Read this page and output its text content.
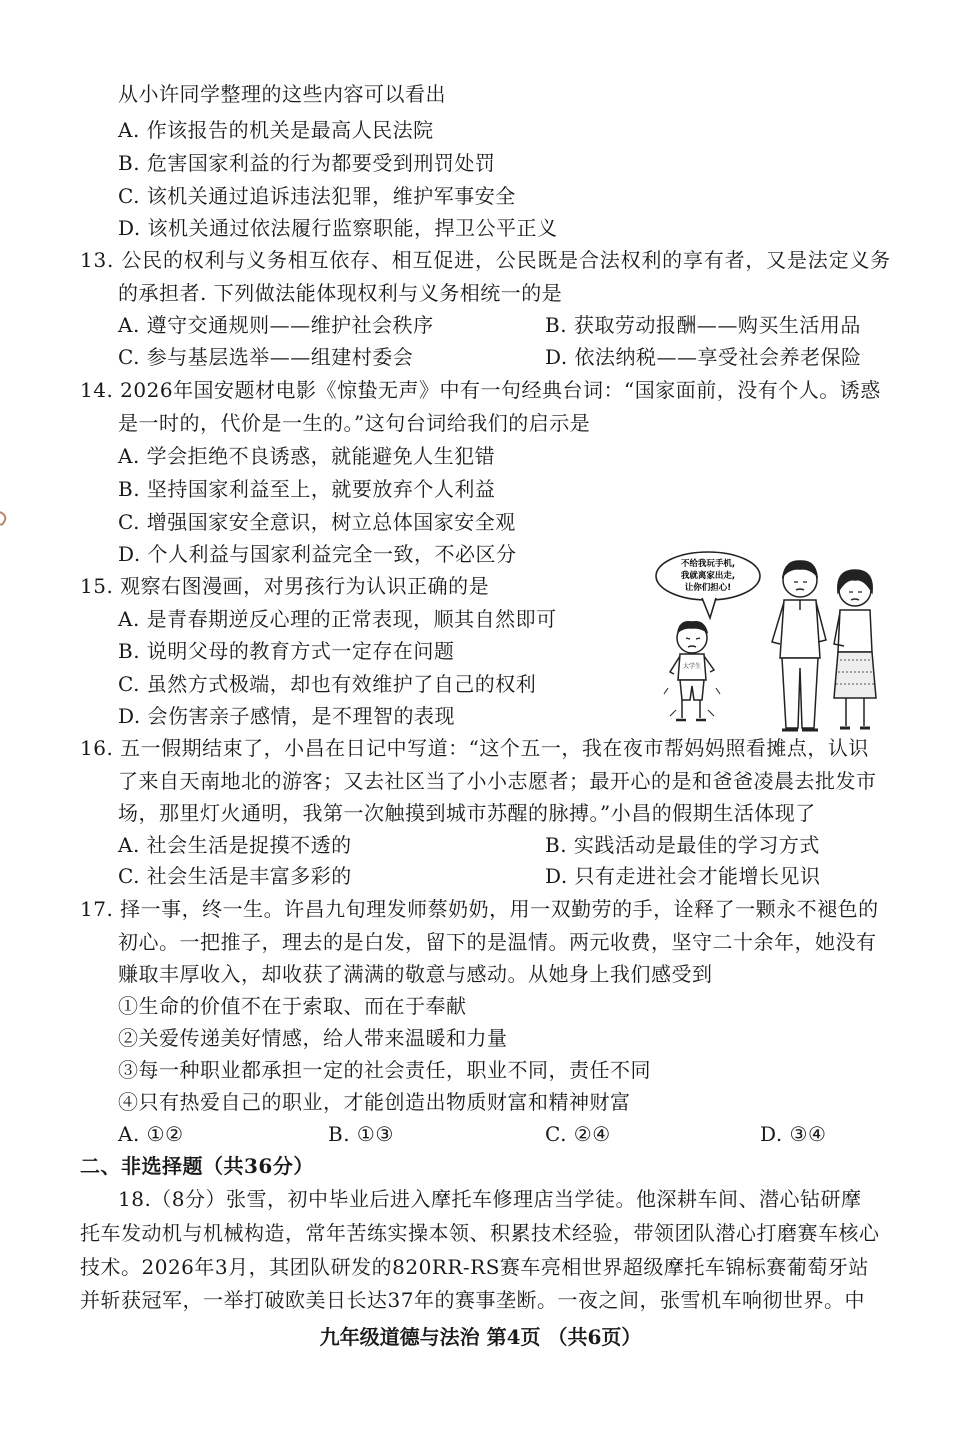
从小许同学整理的这些内容可以看出
A. 作该报告的机关是最高人民法院
B. 危害国家利益的行为都要受到刑罚处罚
C. 该机关通过追诉违法犯罪，维护军事安全
D. 该机关通过依法履行监察职能，捍卫公平正义
13. 公民的权利与义务相互依存、相互促进，公民既是合法权利的享有者，又是法定义务
的承担者. 下列做法能体现权利与义务相统一的是
A. 遵守交通规则——维护社会秩序	B. 获取劳动报酬——购买生活用品
C. 参与基层选举——组建村委会	D. 依法纳税——享受社会养老保险
14. 2026年国安题材电影《惊蛰无声》中有一句经典台词：“国家面前，没有个人。诱惑
是一时的，代价是一生的。”这句台词给我们的启示是
A. 学会拒绝不良诱惑，就能避免人生犯错
B. 坚持国家利益至上，就要放弃个人利益
C. 增强国家安全意识，树立总体国家安全观
D. 个人利益与国家利益完全一致，不必区分
15. 观察右图漫画，对男孩行为认识正确的是
A. 是青春期逆反心理的正常表现，顺其自然即可
B. 说明父母的教育方式一定存在问题
C. 虽然方式极端，却也有效维护了自己的权利
D. 会伤害亲子感情，是不理智的表现
不给我玩手机,
我就离家出走,
让你们担心!
大学生
16. 五一假期结束了，小昌在日记中写道：“这个五一，我在夜市帮妈妈照看摊点，认识
了来自天南地北的游客；又去社区当了小小志愿者；最开心的是和爸爸凌晨去批发市
场，那里灯火通明，我第一次触摸到城市苏醒的脉搏。”小昌的假期生活体现了
A. 社会生活是捉摸不透的	B. 实践活动是最佳的学习方式
C. 社会生活是丰富多彩的	D. 只有走进社会才能增长见识
17. 择一事，终一生。许昌九旬理发师蔡奶奶，用一双勤劳的手，诠释了一颗永不褪色的
初心。一把推子，理去的是白发，留下的是温情。两元收费，坚守二十余年，她没有
赚取丰厚收入，却收获了满满的敬意与感动。从她身上我们感受到
①生命的价值不在于索取、而在于奉献
②关爱传递美好情感，给人带来温暖和力量
③每一种职业都承担一定的社会责任，职业不同，责任不同
④只有热爱自己的职业，才能创造出物质财富和精神财富
A. ①②	B. ①③	C. ②④	D. ③④
二、非选择题（共36分）
18.（8分）张雪，初中毕业后进入摩托车修理店当学徒。他深耕车间、潜心钻研摩
托车发动机与机械构造，常年苦练实操本领、积累技术经验，带领团队潜心打磨赛车核心
技术。2026年3月，其团队研发的820RR-RS赛车亮相世界超级摩托车锦标赛葡萄牙站
并斩获冠军，一举打破欧美日长达37年的赛事垄断。一夜之间，张雪机车响彻世界。中
九年级道德与法治 第4页 （共6页）
